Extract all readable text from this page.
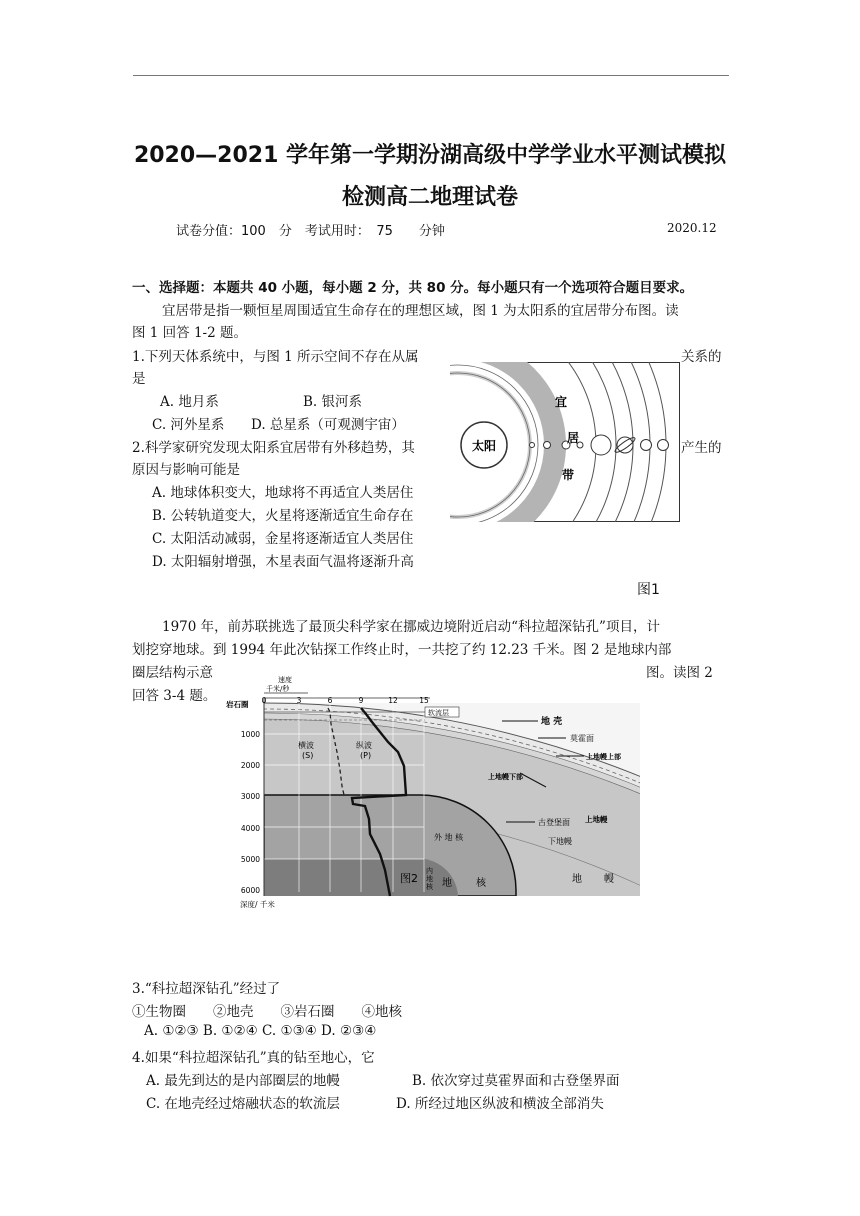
2020—2021 学年第一学期汾湖高级中学学业水平测试模拟
检测高二地理试卷
试卷分值：100　分　考试用时：　75　　分钟	2020.12
一、选择题：本题共 40 小题，每小题 2 分，共 80 分。每小题只有一个选项符合题目要求。
宜居带是指一颗恒星周围适宜生命存在的理想区域，图 1 为太阳系的宜居带分布图。读
图 1 回答 1-2 题。
1.下列天体系统中，与图 1 所示空间不存在从属	关系的
是
A. 地月系	B. 银河系
C. 河外星系 D. 总星系（可观测宇宙）
2.科学家研究发现太阳系宜居带有外移趋势，其	产生的
原因与影响可能是
A. 地球体积变大，地球将不再适宜人类居住
B. 公转轨道变大，火星将逐渐适宜生命存在
C. 太阳活动减弱，金星将逐渐适宜人类居住
D. 太阳辐射增强，木星表面气温将逐渐升高
太阳
宜
居
带
图1
1970 年，前苏联挑选了最顶尖科学家在挪威边境附近启动“科拉超深钻孔”项目，计
划挖穿地球。到 1994 年此次钻探工作终止时，一共挖了约 12.23 千米。图 2 是地球内部
圈层结构示意	图。读图 2
回答 3-4 题。
速度
千米/秒
岩石圈
深度/ 千米
软流层
0	3	6	9	12	15
1000
2000
3000
4000
5000
6000
横波
(S)
纵波
(P)
地 壳
莫霍面
上地幔上部
上地幔下部
上地幔
古登堡面
外 地 核	下地幔
图2
内
地
核 地 核	地 幔
3.“科拉超深钻孔”经过了
①生物圈　　②地壳　　③岩石圈　　④地核
A. ①②③ B. ①②④ C. ①③④ D. ②③④
4.如果“科拉超深钻孔”真的钻至地心，它
A. 最先到达的是内部圈层的地幔	B. 依次穿过莫霍界面和古登堡界面
C. 在地壳经过熔融状态的软流层	D. 所经过地区纵波和横波全部消失
